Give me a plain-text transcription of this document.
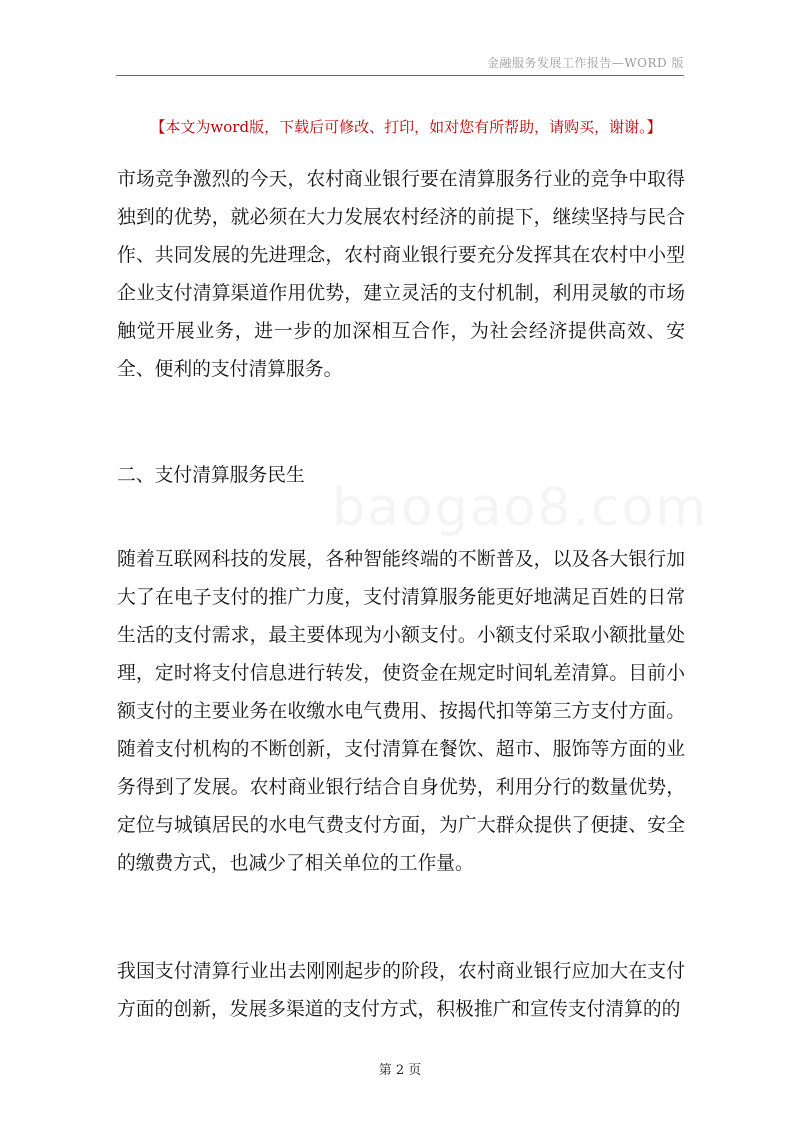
金融服务发展工作报告—WORD 版
【本文为word版，下载后可修改、打印，如对您有所帮助，请购买，谢谢。】
市场竞争激烈的今天，农村商业银行要在清算服务行业的竞争中取得独到的优势，就必须在大力发展农村经济的前提下，继续坚持与民合作、共同发展的先进理念，农村商业银行要充分发挥其在农村中小型企业支付清算渠道作用优势，建立灵活的支付机制，利用灵敏的市场触觉开展业务，进一步的加深相互合作，为社会经济提供高效、安全、便利的支付清算服务。
二、支付清算服务民生
随着互联网科技的发展，各种智能终端的不断普及，以及各大银行加大了在电子支付的推广力度，支付清算服务能更好地满足百姓的日常生活的支付需求，最主要体现为小额支付。小额支付采取小额批量处理，定时将支付信息进行转发，使资金在规定时间轧差清算。目前小额支付的主要业务在收缴水电气费用、按揭代扣等第三方支付方面。随着支付机构的不断创新，支付清算在餐饮、超市、服饰等方面的业务得到了发展。农村商业银行结合自身优势，利用分行的数量优势，定位与城镇居民的水电气费支付方面，为广大群众提供了便捷、安全的缴费方式，也减少了相关单位的工作量。
我国支付清算行业出去刚刚起步的阶段，农村商业银行应加大在支付方面的创新，发展多渠道的支付方式，积极推广和宣传支付清算的的
第 2 页
